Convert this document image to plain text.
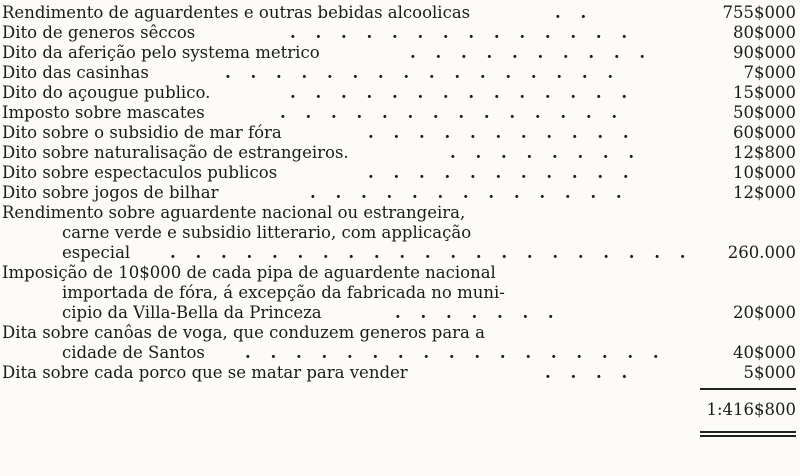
Rendimento de aguardentes e outras bebidas alcoolicas	. .	755$000
Dito de generos sêccos	. . . . . . . . . . . . . .	80$000
Dito da aferição pelo systema metrico	. . . . . . . . . .	90$000
Dito das casinhas	. . . . . . . . . . . . . . . .	7$000
Dito do açougue publico.	. . . . . . . . . . . . . .	15$000
Imposto sobre mascates	. . . . . . . . . . . . . .	50$000
Dito sobre o subsidio de mar fóra	. . . . . . . . . . .	60$000
Dito sobre naturalisação de estrangeiros.	. . . . . . . .	12$800
Dito sobre espectaculos publicos	. . . . . . . . . . .	10$000
Dito sobre jogos de bilhar	. . . . . . . . . . . . .	12$000
Rendimento sobre aguardente nacional ou estrangeira,
carne verde e subsidio litterario, com applicação
especial . . . . . . . . . . . . . . . . . . . . . 260.000
Imposição de 10$000 de cada pipa de aguardente nacional
importada de fóra, á excepção da fabricada no muni-
cipio da Villa-Bella da Princeza	. . . . . . .	20$000
Dita sobre canôas de voga, que conduzem generos para a
cidade de Santos . . . . . . . . . . . . . . . . .	40$000
Dita sobre cada porco que se matar para vender	. . . .	5$000
1:416$800
